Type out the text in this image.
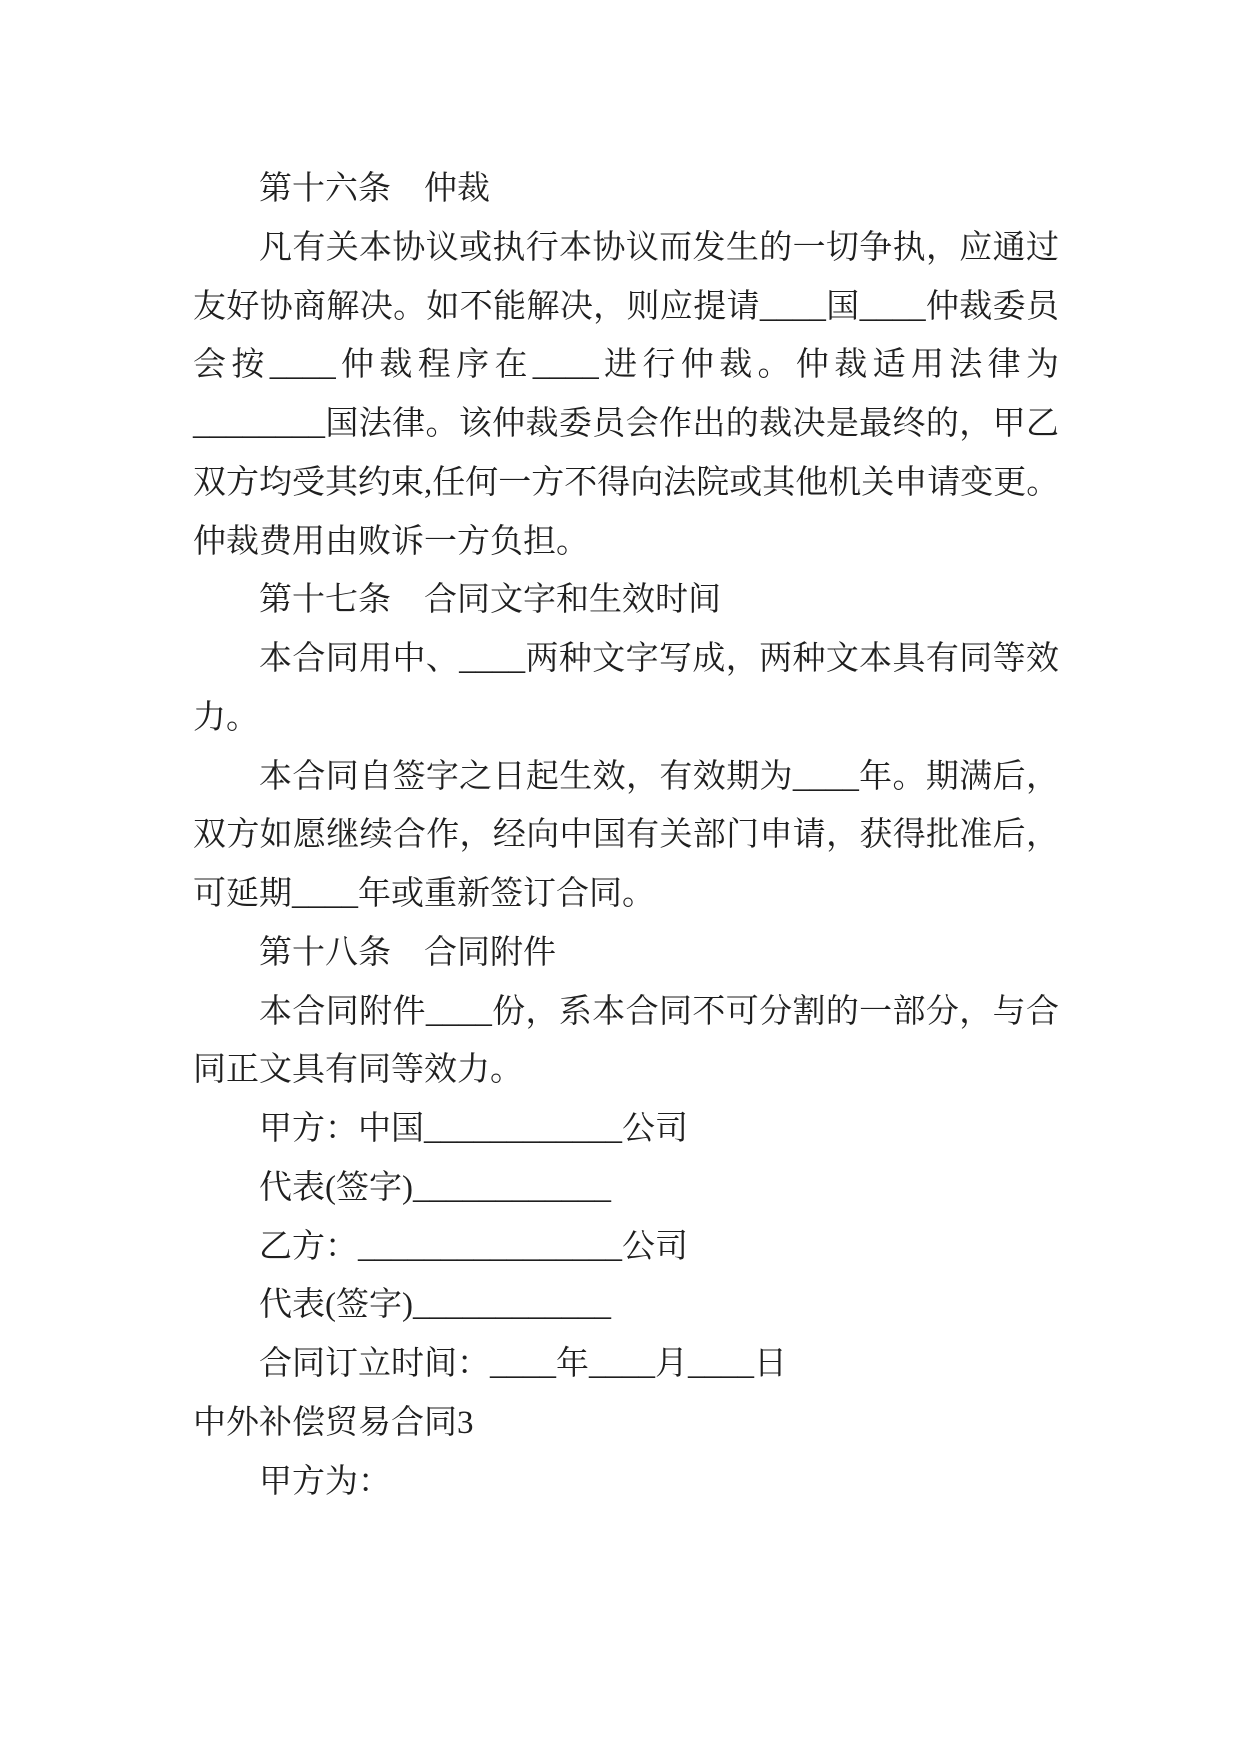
第十六条　仲裁
凡有关本协议或执行本协议而发生的一切争执，应通过
友好协商解决。如不能解决，则应提请____国____仲裁委员
会按____仲裁程序在____进行仲裁。仲裁适用法律为
________国法律。该仲裁委员会作出的裁决是最终的，甲乙
双方均受其约束,任何一方不得向法院或其他机关申请变更。
仲裁费用由败诉一方负担。
第十七条　合同文字和生效时间
本合同用中、____两种文字写成，两种文本具有同等效
力。
本合同自签字之日起生效，有效期为____年。期满后，
双方如愿继续合作，经向中国有关部门申请，获得批准后，
可延期____年或重新签订合同。
第十八条　合同附件
本合同附件____份，系本合同不可分割的一部分，与合
同正文具有同等效力。
甲方：中国____________公司
代表(签字)____________
乙方：________________公司
代表(签字)____________
合同订立时间：____年____月____日
中外补偿贸易合同3
甲方为：
